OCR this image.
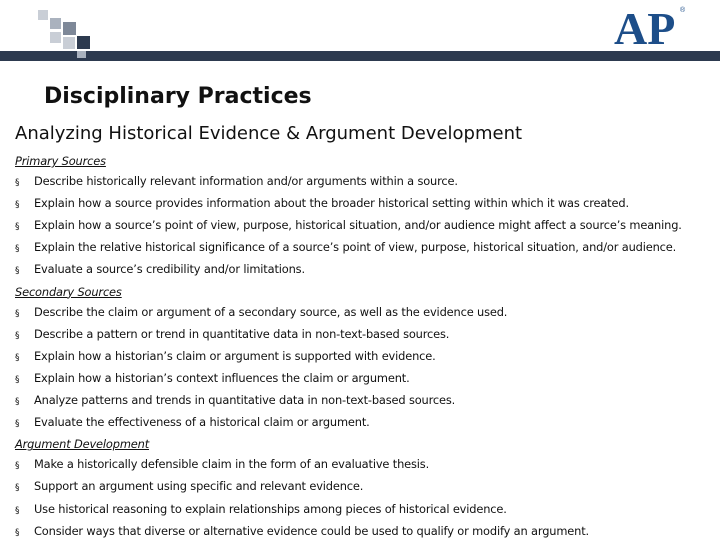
AP ®
Disciplinary Practices
Analyzing Historical Evidence & Argument Development
Primary Sources
§ Describe historically relevant information and/or arguments within a source.
§ Explain how a source provides information about the broader historical setting within which it was created.
§ Explain how a source’s point of view, purpose, historical situation, and/or audience might affect a source’s meaning.
§ Explain the relative historical significance of a source’s point of view, purpose, historical situation, and/or audience.
§ Evaluate a source’s credibility and/or limitations.
Secondary Sources
§ Describe the claim or argument of a secondary source, as well as the evidence used.
§ Describe a pattern or trend in quantitative data in non-text-based sources.
§ Explain how a historian’s claim or argument is supported with evidence.
§ Explain how a historian’s context influences the claim or argument.
§ Analyze patterns and trends in quantitative data in non-text-based sources.
§ Evaluate the effectiveness of a historical claim or argument.
Argument Development
§ Make a historically defensible claim in the form of an evaluative thesis.
§ Support an argument using specific and relevant evidence.
§ Use historical reasoning to explain relationships among pieces of historical evidence.
§ Consider ways that diverse or alternative evidence could be used to qualify or modify an argument.
